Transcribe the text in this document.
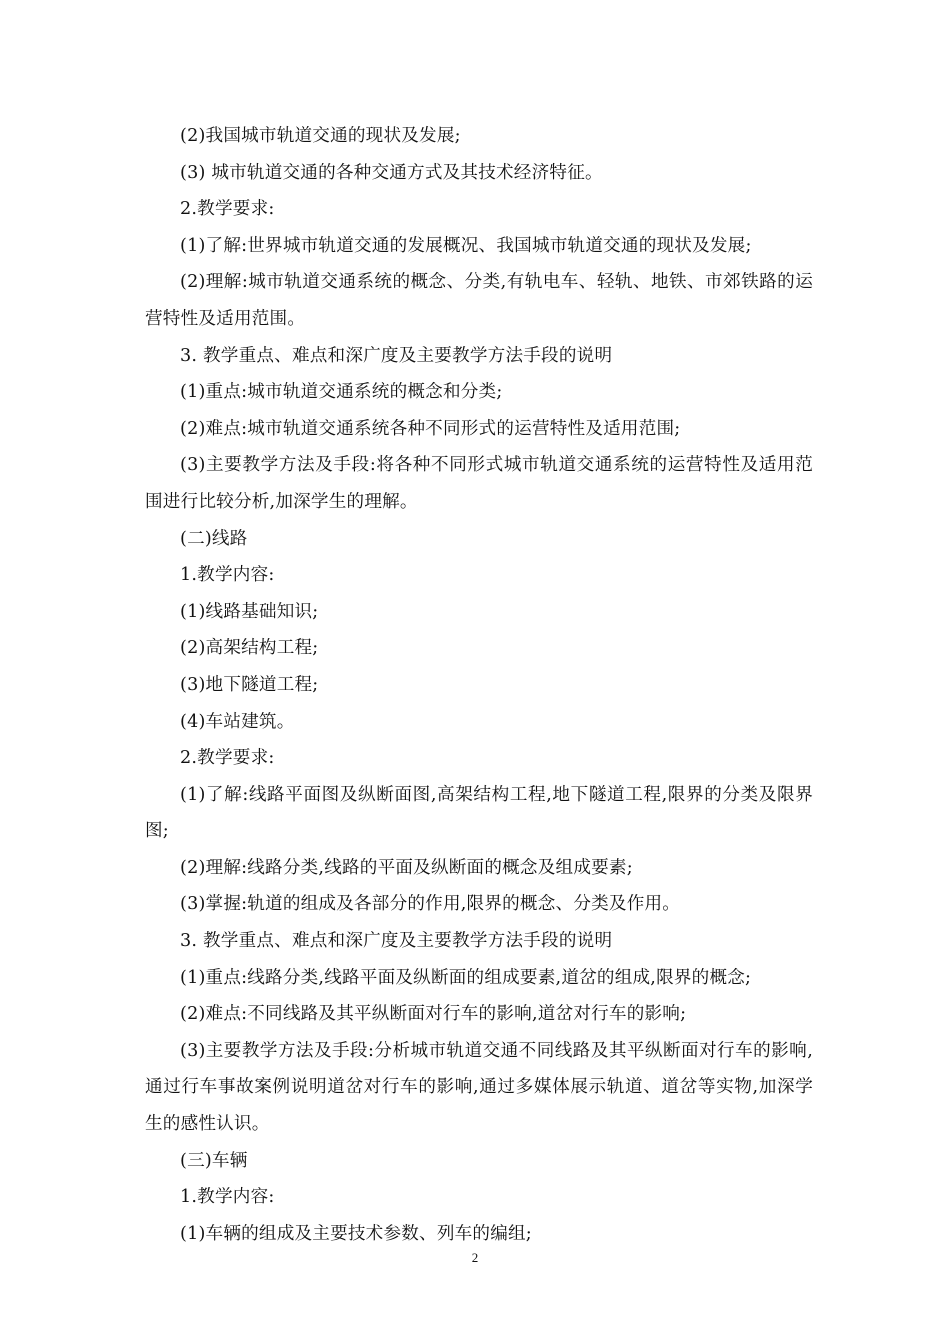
(2)我国城市轨道交通的现状及发展;

(3) 城市轨道交通的各种交通方式及其技术经济特征。

2.教学要求:

(1)了解:世界城市轨道交通的发展概况、我国城市轨道交通的现状及发展;

(2)理解:城市轨道交通系统的概念、分类,有轨电车、轻轨、地铁、市郊铁路的运营特性及适用范围。

3. 教学重点、难点和深广度及主要教学方法手段的说明

(1)重点:城市轨道交通系统的概念和分类;

(2)难点:城市轨道交通系统各种不同形式的运营特性及适用范围;

(3)主要教学方法及手段:将各种不同形式城市轨道交通系统的运营特性及适用范围进行比较分析,加深学生的理解。

(二)线路

1.教学内容:

(1)线路基础知识;

(2)高架结构工程;

(3)地下隧道工程;

(4)车站建筑。

2.教学要求:

(1)了解:线路平面图及纵断面图,高架结构工程,地下隧道工程,限界的分类及限界图;

(2)理解:线路分类,线路的平面及纵断面的概念及组成要素;

(3)掌握:轨道的组成及各部分的作用,限界的概念、分类及作用。

3. 教学重点、难点和深广度及主要教学方法手段的说明

(1)重点:线路分类,线路平面及纵断面的组成要素,道岔的组成,限界的概念;

(2)难点:不同线路及其平纵断面对行车的影响,道岔对行车的影响;

(3)主要教学方法及手段:分析城市轨道交通不同线路及其平纵断面对行车的影响,通过行车事故案例说明道岔对行车的影响,通过多媒体展示轨道、道岔等实物,加深学生的感性认识。

(三)车辆

1.教学内容:

(1)车辆的组成及主要技术参数、列车的编组;

2
